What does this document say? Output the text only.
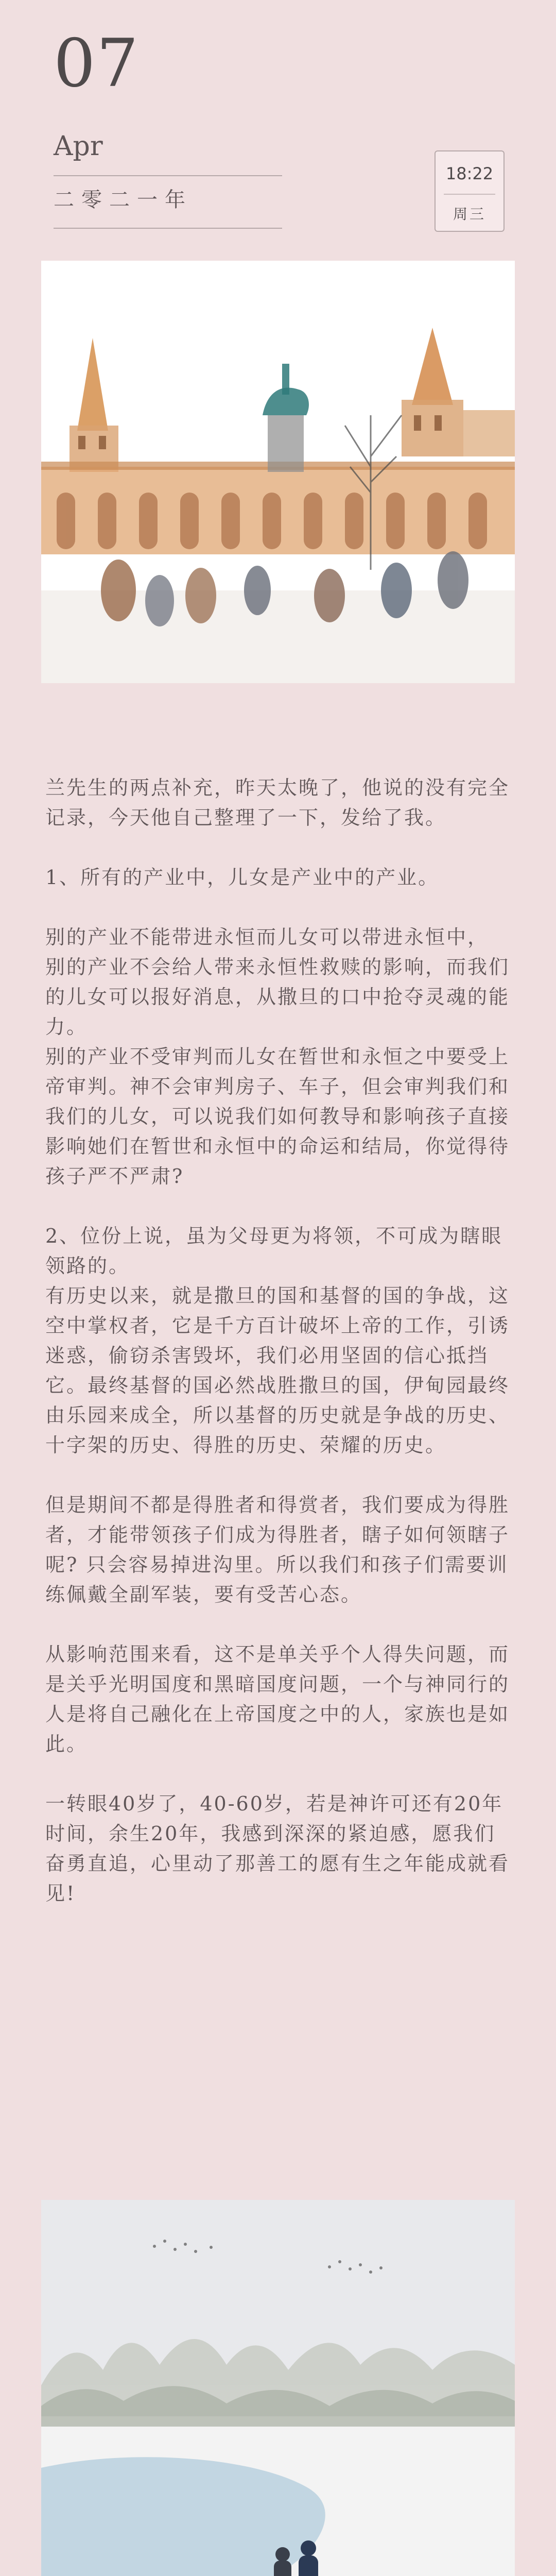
07
Apr
二零二一年
18:22
周三

兰先生的两点补充，昨天太晚了，他说的没有完全记录，今天他自己整理了一下，发给了我。

1、所有的产业中，儿女是产业中的产业。

别的产业不能带进永恒而儿女可以带进永恒中，
别的产业不会给人带来永恒性救赎的影响，而我们的儿女可以报好消息，从撒旦的口中抢夺灵魂的能力。
别的产业不受审判而儿女在暂世和永恒之中要受上帝审判。神不会审判房子、车子，但会审判我们和我们的儿女，可以说我们如何教导和影响孩子直接影响她们在暂世和永恒中的命运和结局，你觉得待孩子严不严肃?

2、位份上说，虽为父母更为将领，不可成为瞎眼领路的。
有历史以来，就是撒旦的国和基督的国的争战，这空中掌权者，它是千方百计破坏上帝的工作，引诱迷惑，偷窃杀害毁坏，我们必用坚固的信心抵挡它。最终基督的国必然战胜撒旦的国，伊甸园最终由乐园来成全，所以基督的历史就是争战的历史、十字架的历史、得胜的历史、荣耀的历史。

但是期间不都是得胜者和得赏者，我们要成为得胜者，才能带领孩子们成为得胜者，瞎子如何领瞎子呢? 只会容易掉进沟里。所以我们和孩子们需要训练佩戴全副军装，要有受苦心态。

从影响范围来看，这不是单关乎个人得失问题，而是关乎光明国度和黑暗国度问题，一个与神同行的人是将自己融化在上帝国度之中的人，家族也是如此。

一转眼40岁了，40-60岁，若是神许可还有20年时间，余生20年，我感到深深的紧迫感，愿我们奋勇直追，心里动了那善工的愿有生之年能成就看见!
